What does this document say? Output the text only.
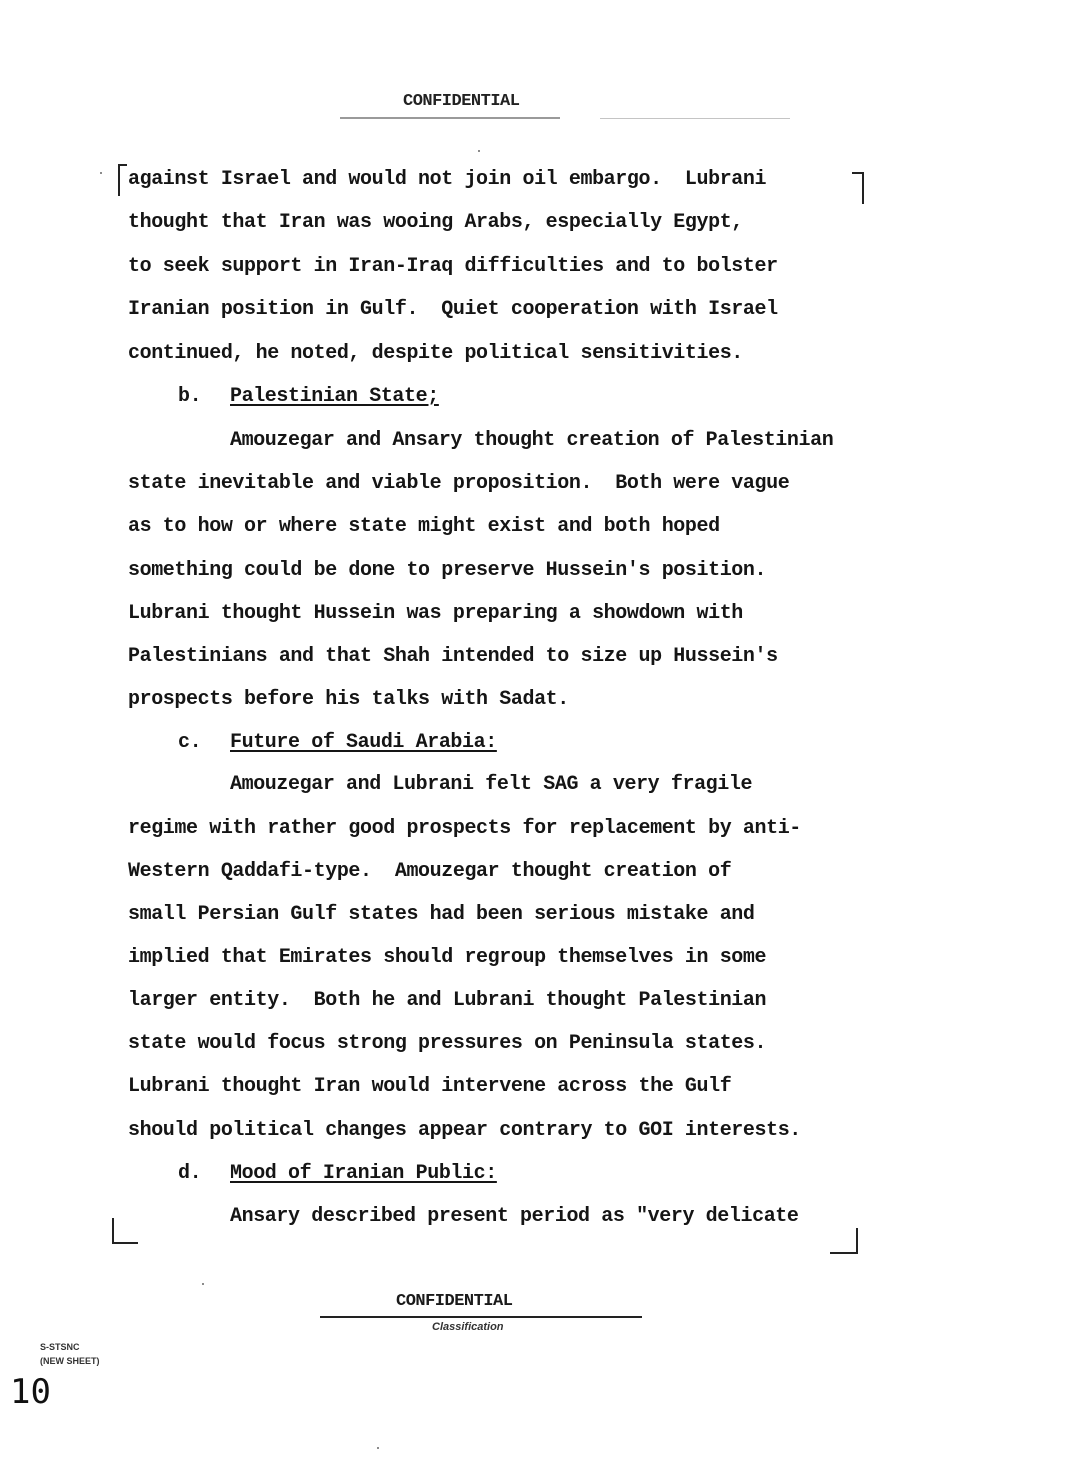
CONFIDENTIAL
against Israel and would not join oil embargo.  Lubrani
thought that Iran was wooing Arabs, especially Egypt,
to seek support in Iran-Iraq difficulties and to bolster
Iranian position in Gulf.  Quiet cooperation with Israel
continued, he noted, despite political sensitivities.
b. Palestinian State;
Amouzegar and Ansary thought creation of Palestinian
state inevitable and viable proposition.  Both were vague
as to how or where state might exist and both hoped
something could be done to preserve Hussein's position.
Lubrani thought Hussein was preparing a showdown with
Palestinians and that Shah intended to size up Hussein's
prospects before his talks with Sadat.
c. Future of Saudi Arabia:
Amouzegar and Lubrani felt SAG a very fragile
regime with rather good prospects for replacement by anti-
Western Qaddafi-type.  Amouzegar thought creation of
small Persian Gulf states had been serious mistake and
implied that Emirates should regroup themselves in some
larger entity.  Both he and Lubrani thought Palestinian
state would focus strong pressures on Peninsula states.
Lubrani thought Iran would intervene across the Gulf
should political changes appear contrary to GOI interests.
d. Mood of Iranian Public:
Ansary described present period as "very delicate
CONFIDENTIAL
Classification
S-STSNC
(NEW SHEET)
10
